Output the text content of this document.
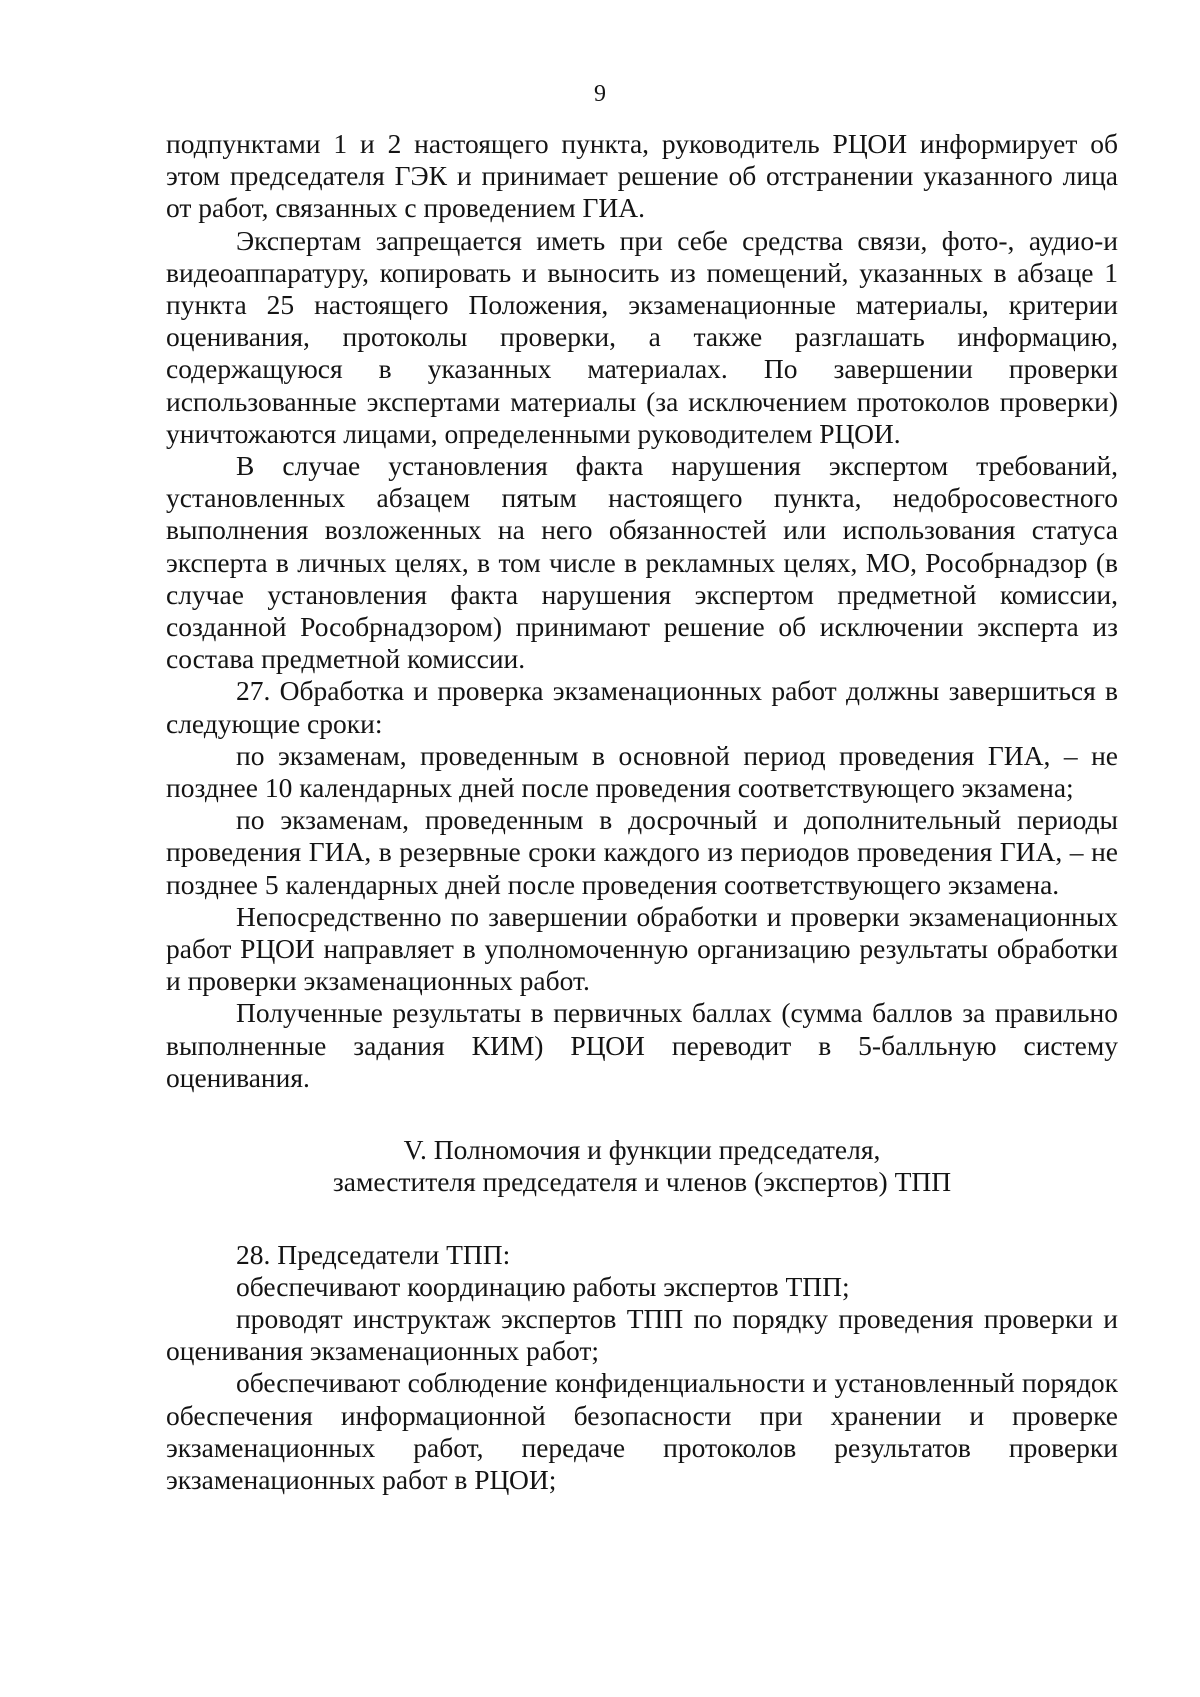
9

подпунктами 1 и 2 настоящего пункта, руководитель РЦОИ информирует об этом председателя ГЭК и принимает решение об отстранении указанного лица от работ, связанных с проведением ГИА.

Экспертам запрещается иметь при себе средства связи, фото-, аудио-и видеоаппаратуру, копировать и выносить из помещений, указанных в абзаце 1 пункта 25 настоящего Положения, экзаменационные материалы, критерии оценивания, протоколы проверки, а также разглашать информацию, содержащуюся в указанных материалах. По завершении проверки использованные экспертами материалы (за исключением протоколов проверки) уничтожаются лицами, определенными руководителем РЦОИ.

В случае установления факта нарушения экспертом требований, установленных абзацем пятым настоящего пункта, недобросовестного выполнения возложенных на него обязанностей или использования статуса эксперта в личных целях, в том числе в рекламных целях, МО, Рособрнадзор (в случае установления факта нарушения экспертом предметной комиссии, созданной Рособрнадзором) принимают решение об исключении эксперта из состава предметной комиссии.

27. Обработка и проверка экзаменационных работ должны завершиться в следующие сроки:

по экзаменам, проведенным в основной период проведения ГИА, – не позднее 10 календарных дней после проведения соответствующего экзамена;

по экзаменам, проведенным в досрочный и дополнительный периоды проведения ГИА, в резервные сроки каждого из периодов проведения ГИА, – не позднее 5 календарных дней после проведения соответствующего экзамена.

Непосредственно по завершении обработки и проверки экзаменационных работ РЦОИ направляет в уполномоченную организацию результаты обработки и проверки экзаменационных работ.

Полученные результаты в первичных баллах (сумма баллов за правильно выполненные задания КИМ) РЦОИ переводит в 5-балльную систему оценивания.

V. Полномочия и функции председателя,
заместителя председателя и членов (экспертов) ТПП

28. Председатели ТПП:

обеспечивают координацию работы экспертов ТПП;

проводят инструктаж экспертов ТПП по порядку проведения проверки и оценивания экзаменационных работ;

обеспечивают соблюдение конфиденциальности и установленный порядок обеспечения информационной безопасности при хранении и проверке экзаменационных работ, передаче протоколов результатов проверки экзаменационных работ в РЦОИ;
